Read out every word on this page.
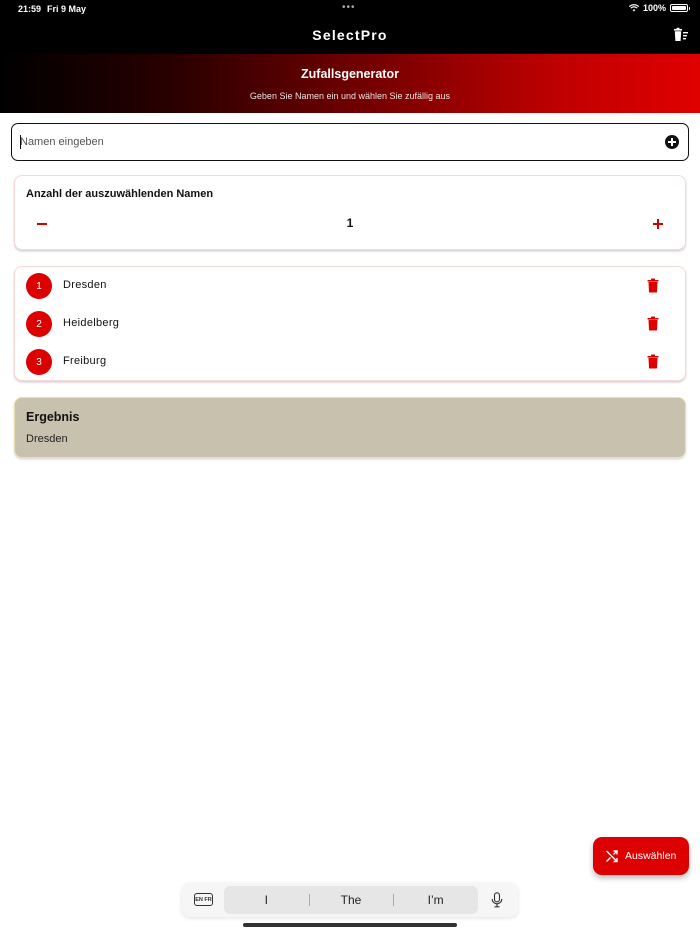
21:59 Fri 9 May	•••	100%
SelectPro
Zufallsgenerator
Geben Sie Namen ein und wählen Sie zufällig aus
Namen eingeben
Anzahl der auszuwählenden Namen
1
1	Dresden
2	Heidelberg
3	Freiburg
Ergebnis
Dresden
Auswählen
EN FR	I	The	I’m
